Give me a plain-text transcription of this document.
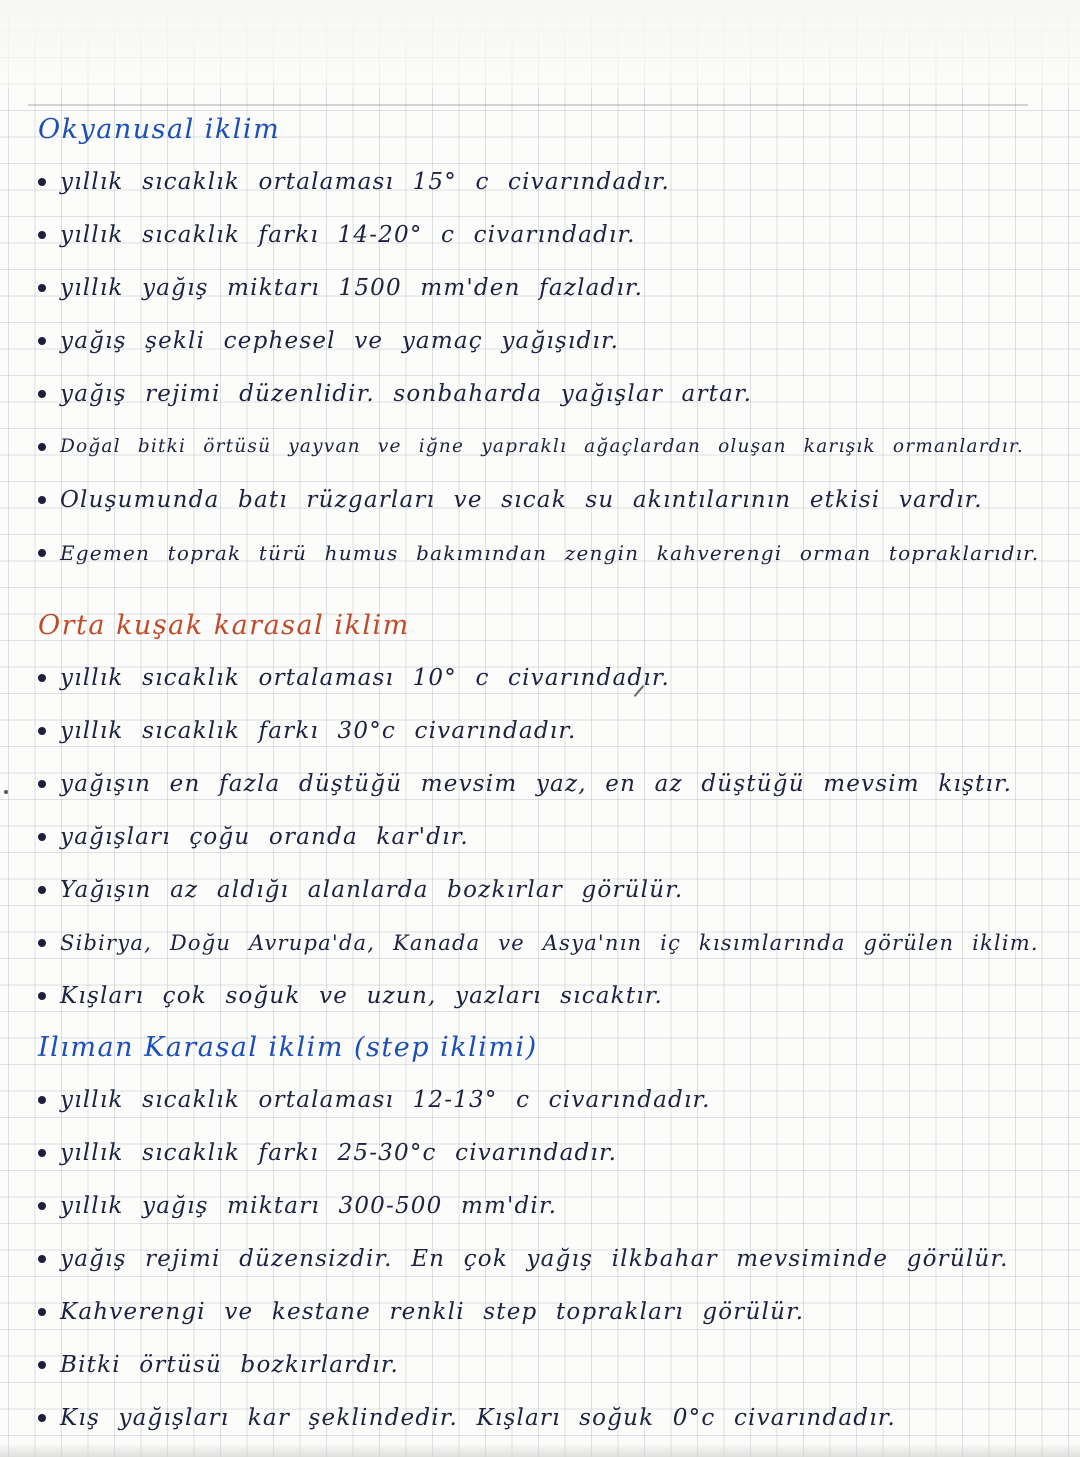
Okyanusal iklim
yıllık sıcaklık ortalaması 15° c civarındadır.
yıllık sıcaklık farkı 14-20° c civarındadır.
yıllık yağış miktarı 1500 mm'den fazladır.
yağış şekli cephesel ve yamaç yağışıdır.
yağış rejimi düzenlidir. sonbaharda yağışlar artar.
Doğal bitki örtüsü yayvan ve iğne yapraklı ağaçlardan oluşan karışık ormanlardır.
Oluşumunda batı rüzgarları ve sıcak su akıntılarının etkisi vardır.
Egemen toprak türü humus bakımından zengin kahverengi orman topraklarıdır.
Orta kuşak karasal iklim
yıllık sıcaklık ortalaması 10° c civarındadır.
yıllık sıcaklık farkı 30°c civarındadır.
yağışın en fazla düştüğü mevsim yaz, en az düştüğü mevsim kıştır.
yağışları çoğu oranda kar'dır.
Yağışın az aldığı alanlarda bozkırlar görülür.
Sibirya, Doğu Avrupa'da, Kanada ve Asya'nın iç kısımlarında görülen iklim.
Kışları çok soğuk ve uzun, yazları sıcaktır.
Ilıman Karasal iklim (step iklimi)
yıllık sıcaklık ortalaması 12-13° c civarındadır.
yıllık sıcaklık farkı 25-30°c civarındadır.
yıllık yağış miktarı 300-500 mm'dir.
yağış rejimi düzensizdir. En çok yağış ilkbahar mevsiminde görülür.
Kahverengi ve kestane renkli step toprakları görülür.
Bitki örtüsü bozkırlardır.
Kış yağışları kar şeklindedir. Kışları soğuk 0°c civarındadır.
